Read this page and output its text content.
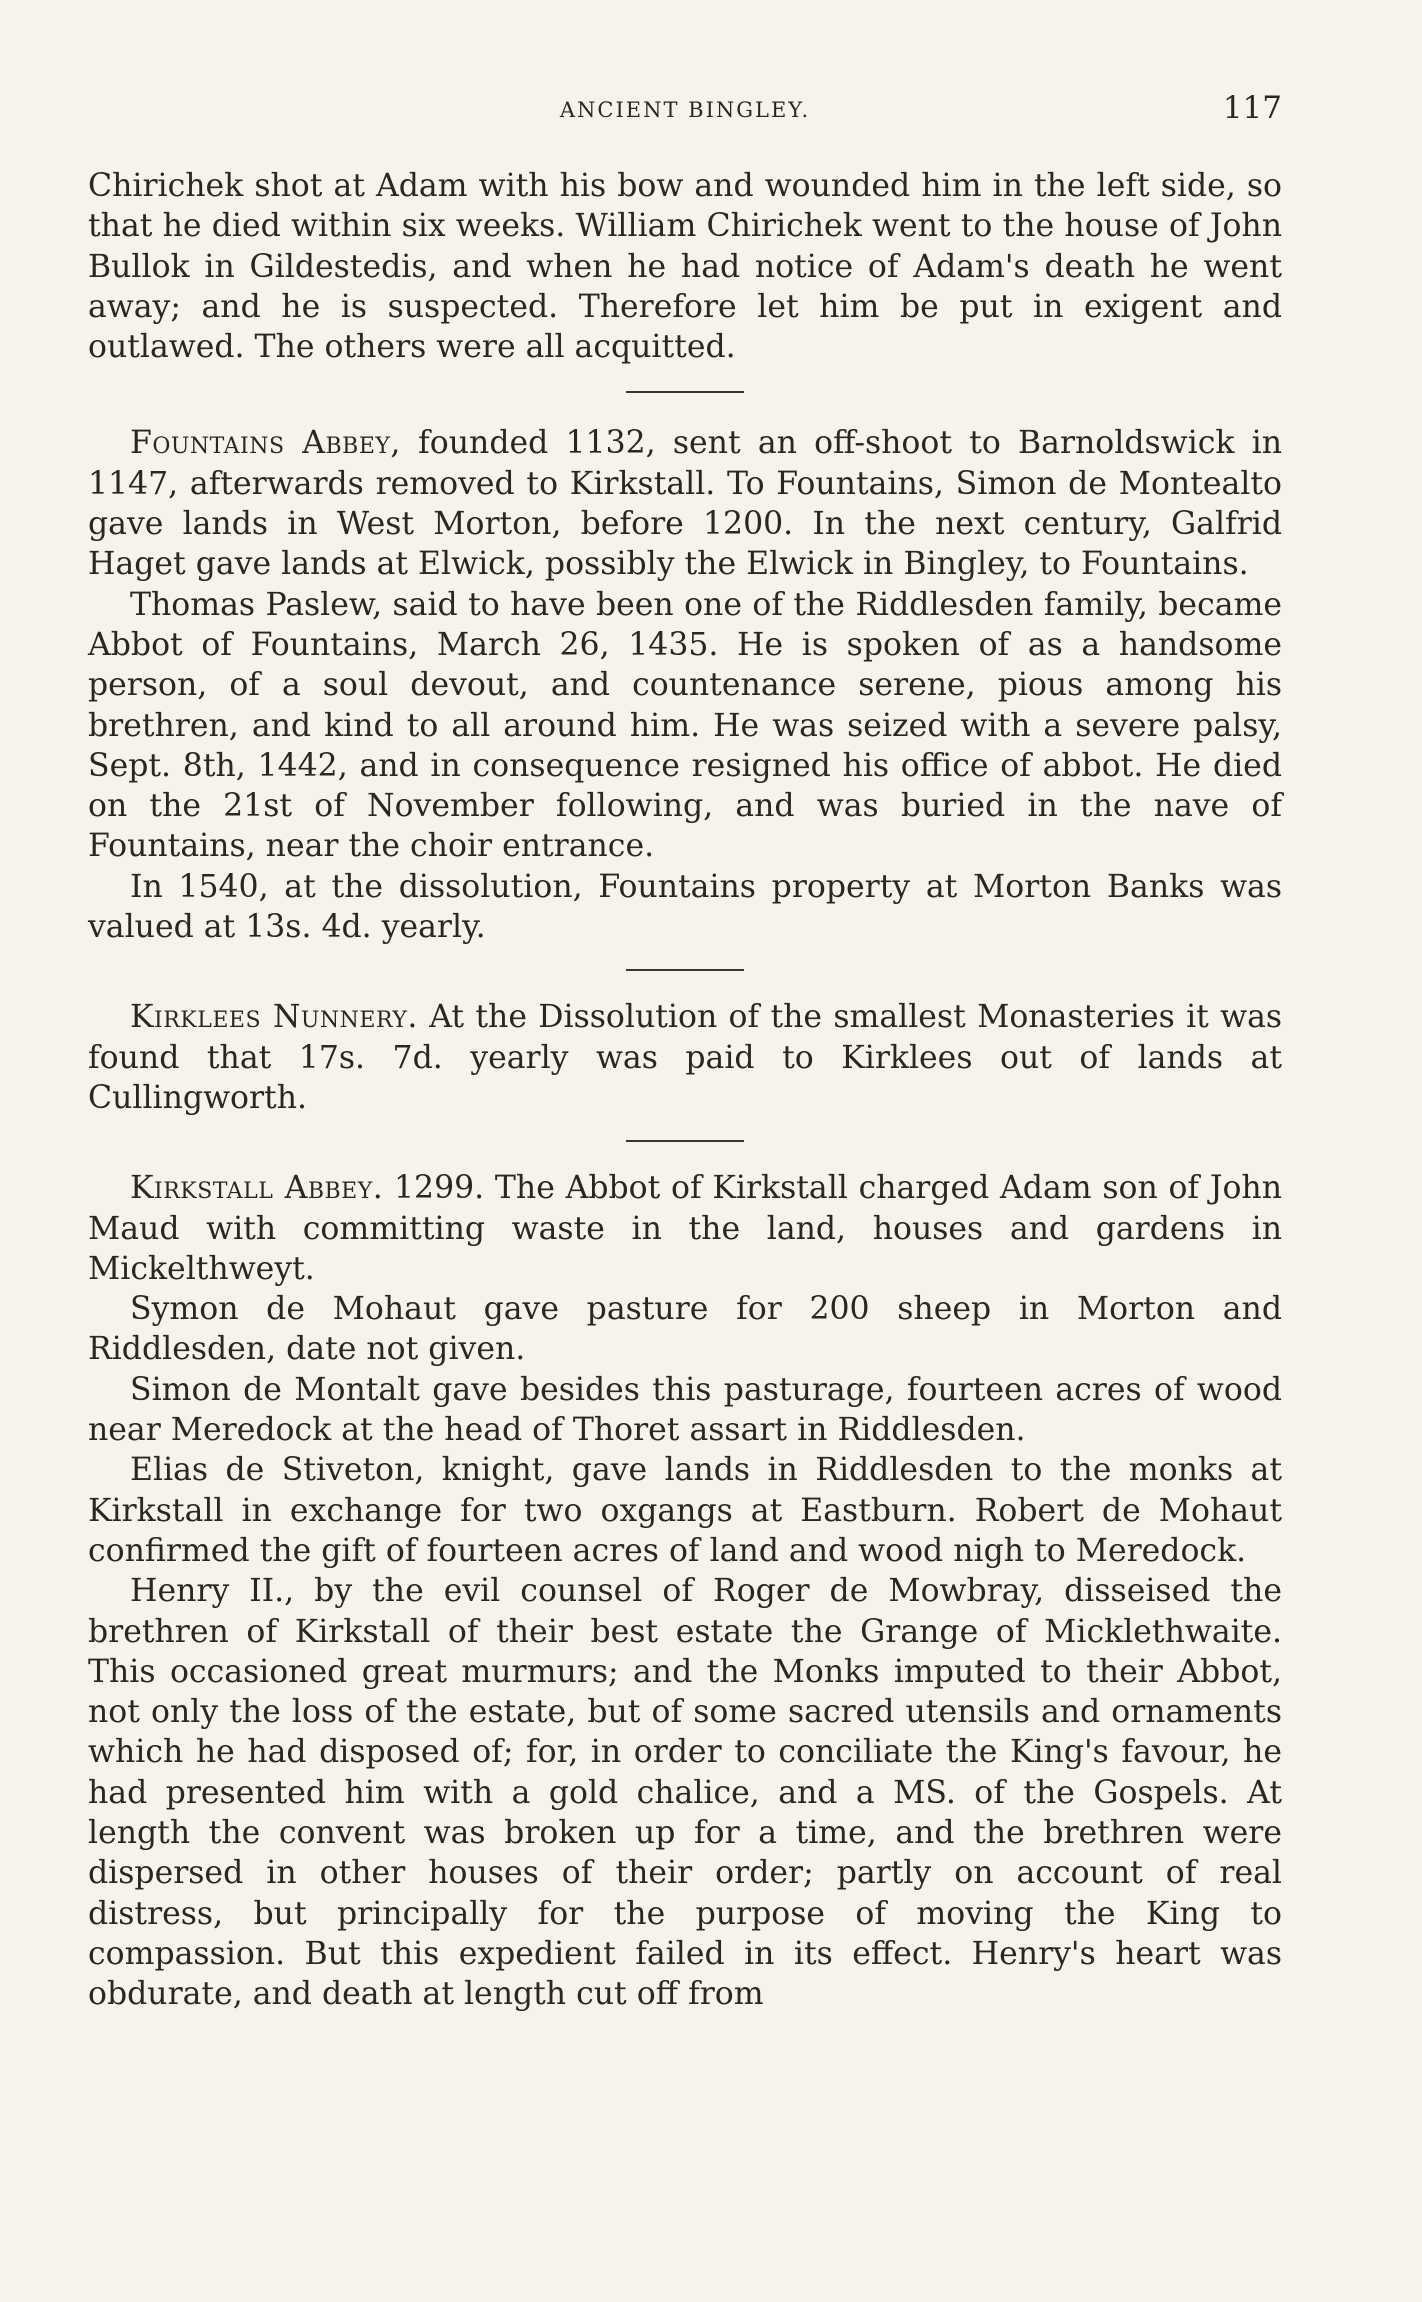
ANCIENT BINGLEY.	117

Chirichek shot at Adam with his bow and wounded him in the left side, so that he died within six weeks. William Chirichek went to the house of John Bullok in Gildestedis, and when he had notice of Adam's death he went away; and he is suspected. Therefore let him be put in exigent and outlawed. The others were all acquitted.

Fountains Abbey, founded 1132, sent an off-shoot to Barnoldswick in 1147, afterwards removed to Kirkstall. To Fountains, Simon de Montealto gave lands in West Morton, before 1200. In the next century, Galfrid Haget gave lands at Elwick, possibly the Elwick in Bingley, to Fountains.

Thomas Paslew, said to have been one of the Riddlesden family, became Abbot of Fountains, March 26, 1435. He is spoken of as a handsome person, of a soul devout, and countenance serene, pious among his brethren, and kind to all around him. He was seized with a severe palsy, Sept. 8th, 1442, and in consequence resigned his office of abbot. He died on the 21st of November following, and was buried in the nave of Fountains, near the choir entrance.

In 1540, at the dissolution, Fountains property at Morton Banks was valued at 13s. 4d. yearly.

Kirklees Nunnery. At the Dissolution of the smallest Monasteries it was found that 17s. 7d. yearly was paid to Kirklees out of lands at Cullingworth.

Kirkstall Abbey. 1299. The Abbot of Kirkstall charged Adam son of John Maud with committing waste in the land, houses and gardens in Mickelthweyt.

Symon de Mohaut gave pasture for 200 sheep in Morton and Riddlesden, date not given.

Simon de Montalt gave besides this pasturage, fourteen acres of wood near Meredock at the head of Thoret assart in Riddlesden.

Elias de Stiveton, knight, gave lands in Riddlesden to the monks at Kirkstall in exchange for two oxgangs at Eastburn. Robert de Mohaut confirmed the gift of fourteen acres of land and wood nigh to Meredock.

Henry II., by the evil counsel of Roger de Mowbray, disseised the brethren of Kirkstall of their best estate the Grange of Micklethwaite. This occasioned great murmurs; and the Monks imputed to their Abbot, not only the loss of the estate, but of some sacred utensils and ornaments which he had disposed of; for, in order to conciliate the King's favour, he had presented him with a gold chalice, and a MS. of the Gospels. At length the convent was broken up for a time, and the brethren were dispersed in other houses of their order; partly on account of real distress, but principally for the purpose of moving the King to compassion. But this expedient failed in its effect. Henry's heart was obdurate, and death at length cut off from
